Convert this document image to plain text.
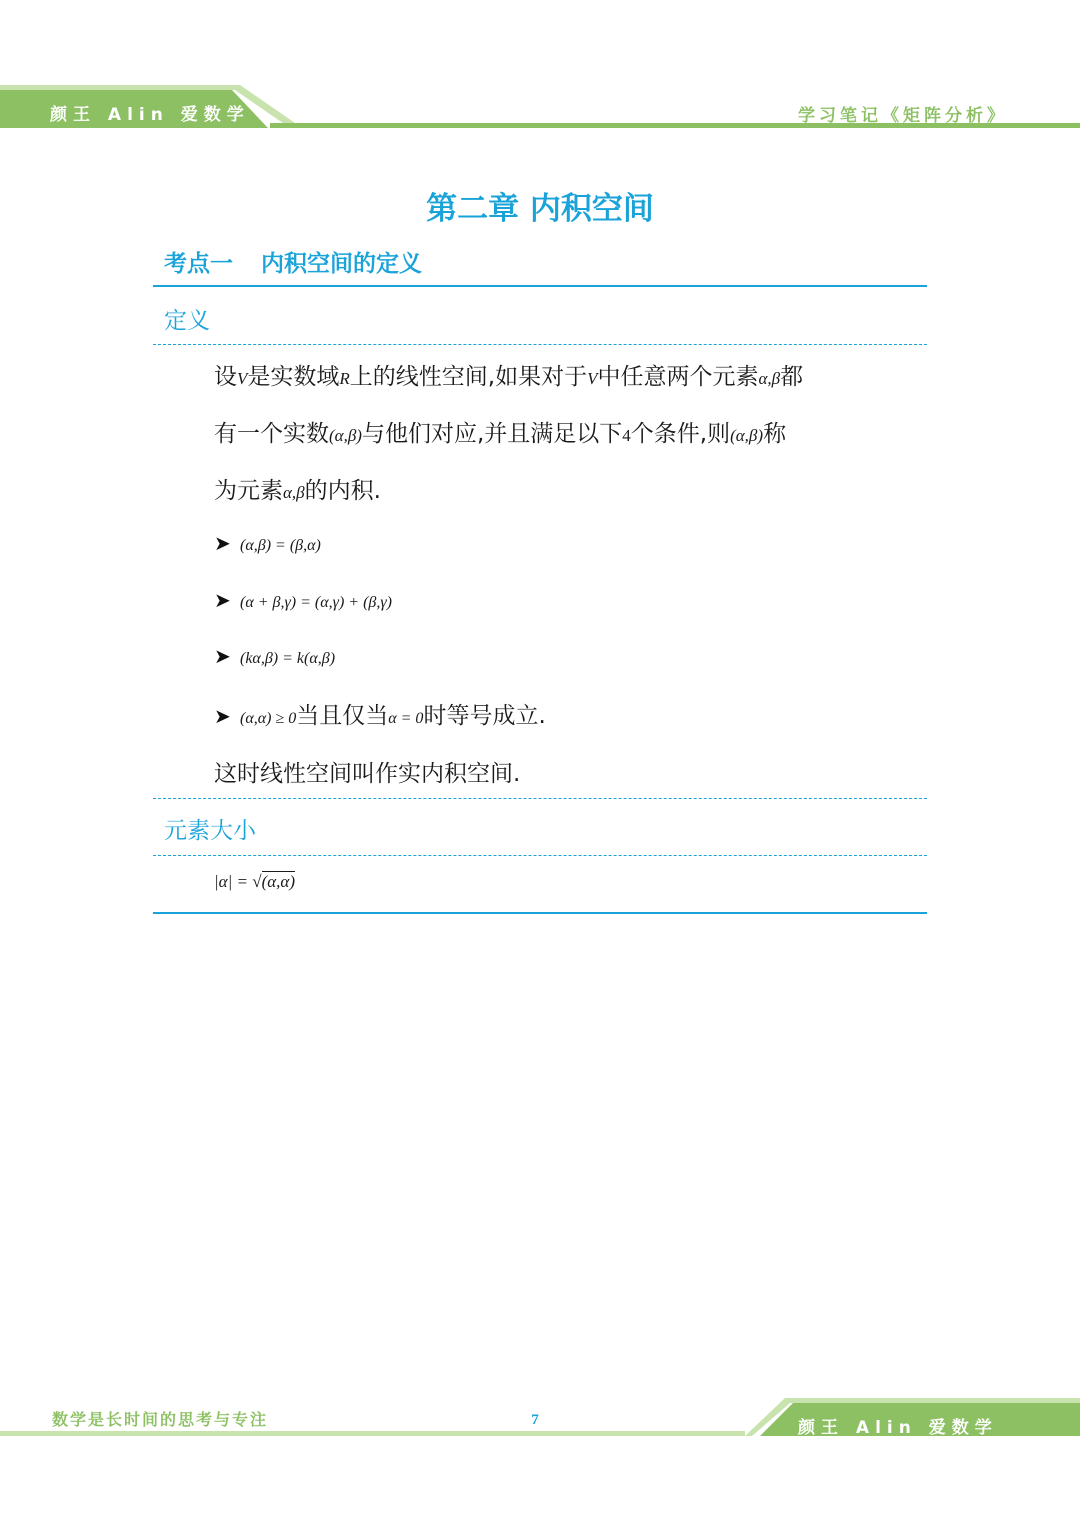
颜王 Alin 爱数学	学习笔记《矩阵分析》
第二章 内积空间
考点一 内积空间的定义
定义
设V是实数域R上的线性空间,如果对于V中任意两个元素α,β都
有一个实数(α,β)与他们对应,并且满足以下4个条件,则(α,β)称
为元素α,β的内积.
➤ (α,β) = (β,α)
➤ (α + β,γ) = (α,γ) + (β,γ)
➤ (kα,β) = k(α,β)
➤ (α,α) ≥ 0当且仅当α = 0时等号成立.
这时线性空间叫作实内积空间.
元素大小
|α| = √(α,α)
数学是长时间的思考与专注	7	颜王 Alin 爱数学
